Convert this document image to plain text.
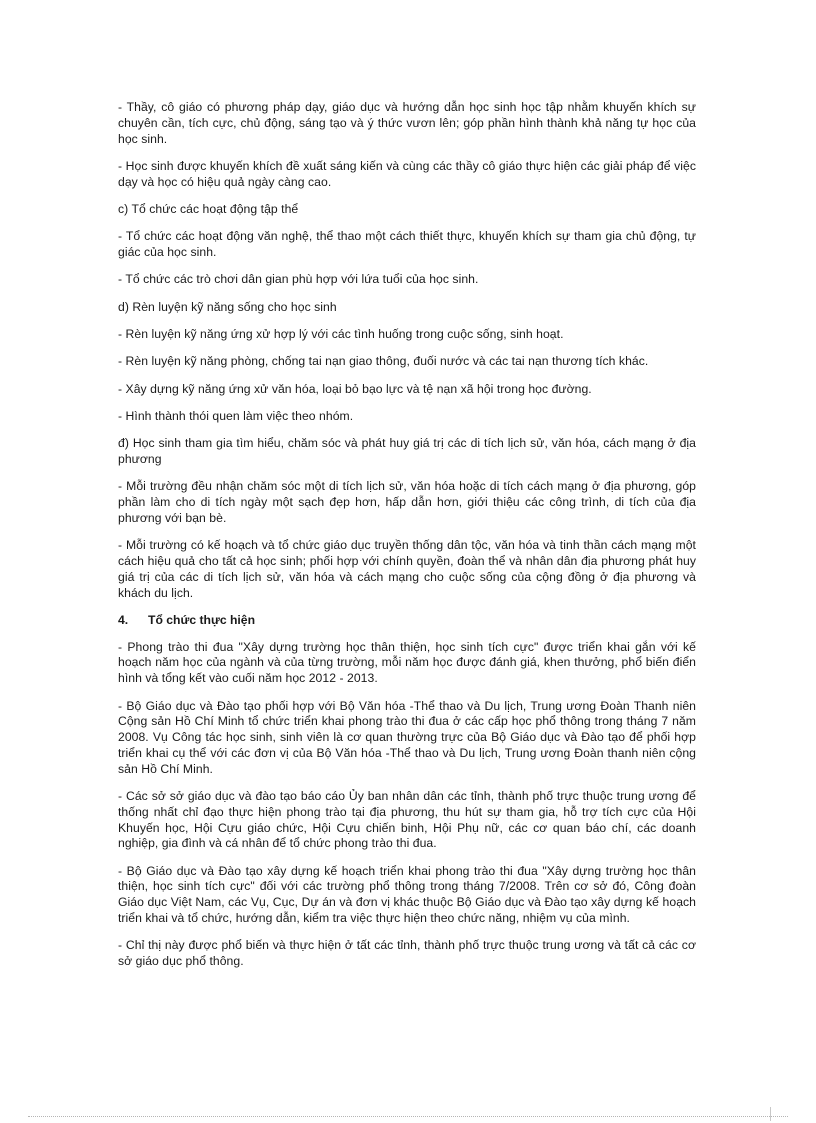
- Thầy, cô giáo có phương pháp dạy, giáo dục và hướng dẫn học sinh học tập nhằm khuyến khích sự chuyên cần, tích cực, chủ động, sáng tạo và ý thức vươn lên; góp phần hình thành khả năng tự học của học sinh.

- Học sinh được khuyến khích đề xuất sáng kiến và cùng các thầy cô giáo thực hiện các giải pháp để việc dạy và học có hiệu quả ngày càng cao.

c) Tổ chức các hoạt động tập thể

- Tổ chức các hoạt động văn nghệ, thể thao một cách thiết thực, khuyến khích sự tham gia chủ động, tự giác của học sinh.

- Tổ chức các trò chơi dân gian phù hợp với lứa tuổi của học sinh.

d) Rèn luyện kỹ năng sống cho học sinh

- Rèn luyện kỹ năng ứng xử hợp lý với các tình huống trong cuộc sống, sinh hoạt.

- Rèn luyện kỹ năng phòng, chống tai nạn giao thông, đuối nước và các tai nạn thương tích khác.

- Xây dựng kỹ năng ứng xử văn hóa, loại bỏ bạo lực và tệ nạn xã hội trong học đường.

- Hình thành thói quen làm việc theo nhóm.

đ) Học sinh tham gia tìm hiểu, chăm sóc và phát huy giá trị các di tích lịch sử, văn hóa, cách mạng ở địa phương

- Mỗi trường đều nhận chăm sóc một di tích lịch sử, văn hóa hoặc di tích cách mạng ở địa phương, góp phần làm cho di tích ngày một sạch đẹp hơn, hấp dẫn hơn, giới thiệu các công trình, di tích của địa phương với bạn bè.

- Mỗi trường có kế hoạch và tổ chức giáo dục truyền thống dân tộc, văn hóa và tinh thần cách mạng một cách hiệu quả cho tất cả học sinh; phối hợp với chính quyền, đoàn thể và nhân dân địa phương phát huy giá trị của các di tích lịch sử, văn hóa và cách mạng cho cuộc sống của cộng đồng ở địa phương và khách du lịch.

4. Tổ chức thực hiện

- Phong trào thi đua "Xây dựng trường học thân thiện, học sinh tích cực" được triển khai gắn với kế hoạch năm học của ngành và của từng trường, mỗi năm học được đánh giá, khen thưởng, phổ biến điển hình và tổng kết vào cuối năm học 2012 - 2013.

- Bộ Giáo dục và Đào tạo phối hợp với Bộ Văn hóa -Thể thao và Du lịch, Trung ương Đoàn Thanh niên Cộng sản Hồ Chí Minh tổ chức triển khai phong trào thi đua ở các cấp học phổ thông trong tháng 7 năm 2008. Vụ Công tác học sinh, sinh viên là cơ quan thường trực của Bộ Giáo dục và Đào tạo để phối hợp triển khai cụ thể với các đơn vị của Bộ Văn hóa -Thể thao và Du lịch, Trung ương Đoàn thanh niên cộng sản Hồ Chí Minh.

- Các sở sở giáo dục và đào tạo báo cáo Ủy ban nhân dân các tỉnh, thành phố trực thuộc trung ương để thống nhất chỉ đạo thực hiện phong trào tại địa phương, thu hút sự tham gia, hỗ trợ tích cực của Hội Khuyến học, Hội Cựu giáo chức, Hội Cựu chiến binh, Hội Phụ nữ, các cơ quan báo chí, các doanh nghiệp, gia đình và cá nhân để tổ chức phong trào thi đua.

- Bộ Giáo dục và Đào tạo xây dựng kế hoạch triển khai phong trào thi đua "Xây dựng trường học thân thiện, học sinh tích cực" đối với các trường phổ thông trong tháng 7/2008. Trên cơ sở đó, Công đoàn Giáo dục Việt Nam, các Vụ, Cục, Dự án và đơn vị khác thuộc Bộ Giáo dục và Đào tạo xây dựng kế hoạch triển khai và tổ chức, hướng dẫn, kiểm tra việc thực hiện theo chức năng, nhiệm vụ của mình.

- Chỉ thị này được phổ biến và thực hiện ở tất các tỉnh, thành phố trực thuộc trung ương và tất cả các cơ sở giáo dục phổ thông.
